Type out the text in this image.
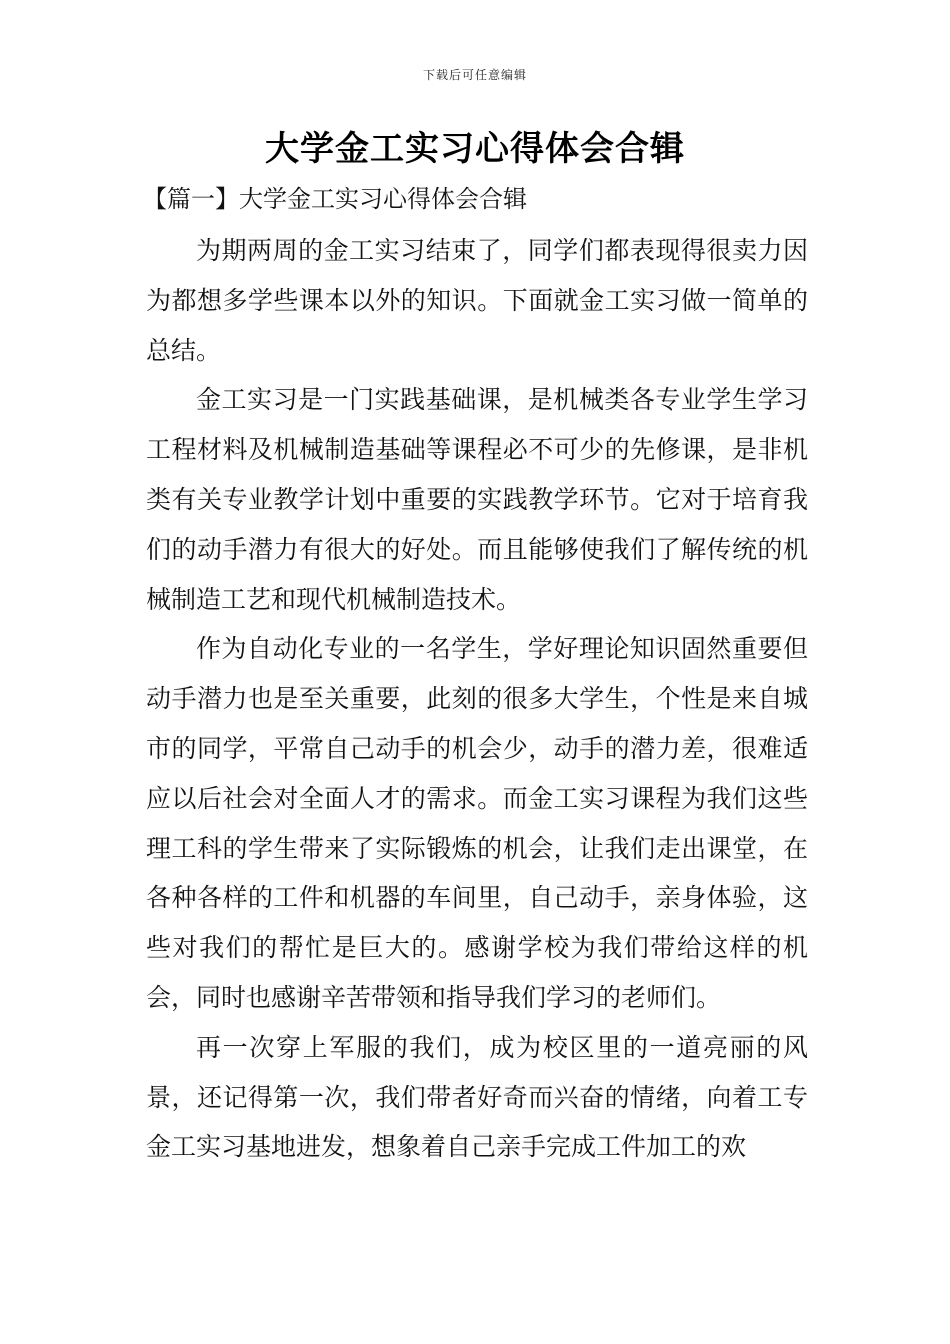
下载后可任意编辑
大学金工实习心得体会合辑
【篇一】大学金工实习心得体会合辑

为期两周的金工实习结束了，同学们都表现得很卖力因为都想多学些课本以外的知识。下面就金工实习做一简单的总结。

金工实习是一门实践基础课，是机械类各专业学生学习工程材料及机械制造基础等课程必不可少的先修课，是非机类有关专业教学计划中重要的实践教学环节。它对于培育我们的动手潜力有很大的好处。而且能够使我们了解传统的机械制造工艺和现代机械制造技术。

作为自动化专业的一名学生，学好理论知识固然重要但动手潜力也是至关重要，此刻的很多大学生，个性是来自城市的同学，平常自己动手的机会少，动手的潜力差，很难适应以后社会对全面人才的需求。而金工实习课程为我们这些理工科的学生带来了实际锻炼的机会，让我们走出课堂，在各种各样的工件和机器的车间里，自己动手，亲身体验，这些对我们的帮忙是巨大的。感谢学校为我们带给这样的机会，同时也感谢辛苦带领和指导我们学习的老师们。

再一次穿上军服的我们，成为校区里的一道亮丽的风景，还记得第一次，我们带者好奇而兴奋的情绪，向着工专金工实习基地进发，想象着自己亲手完成工件加工的欢
